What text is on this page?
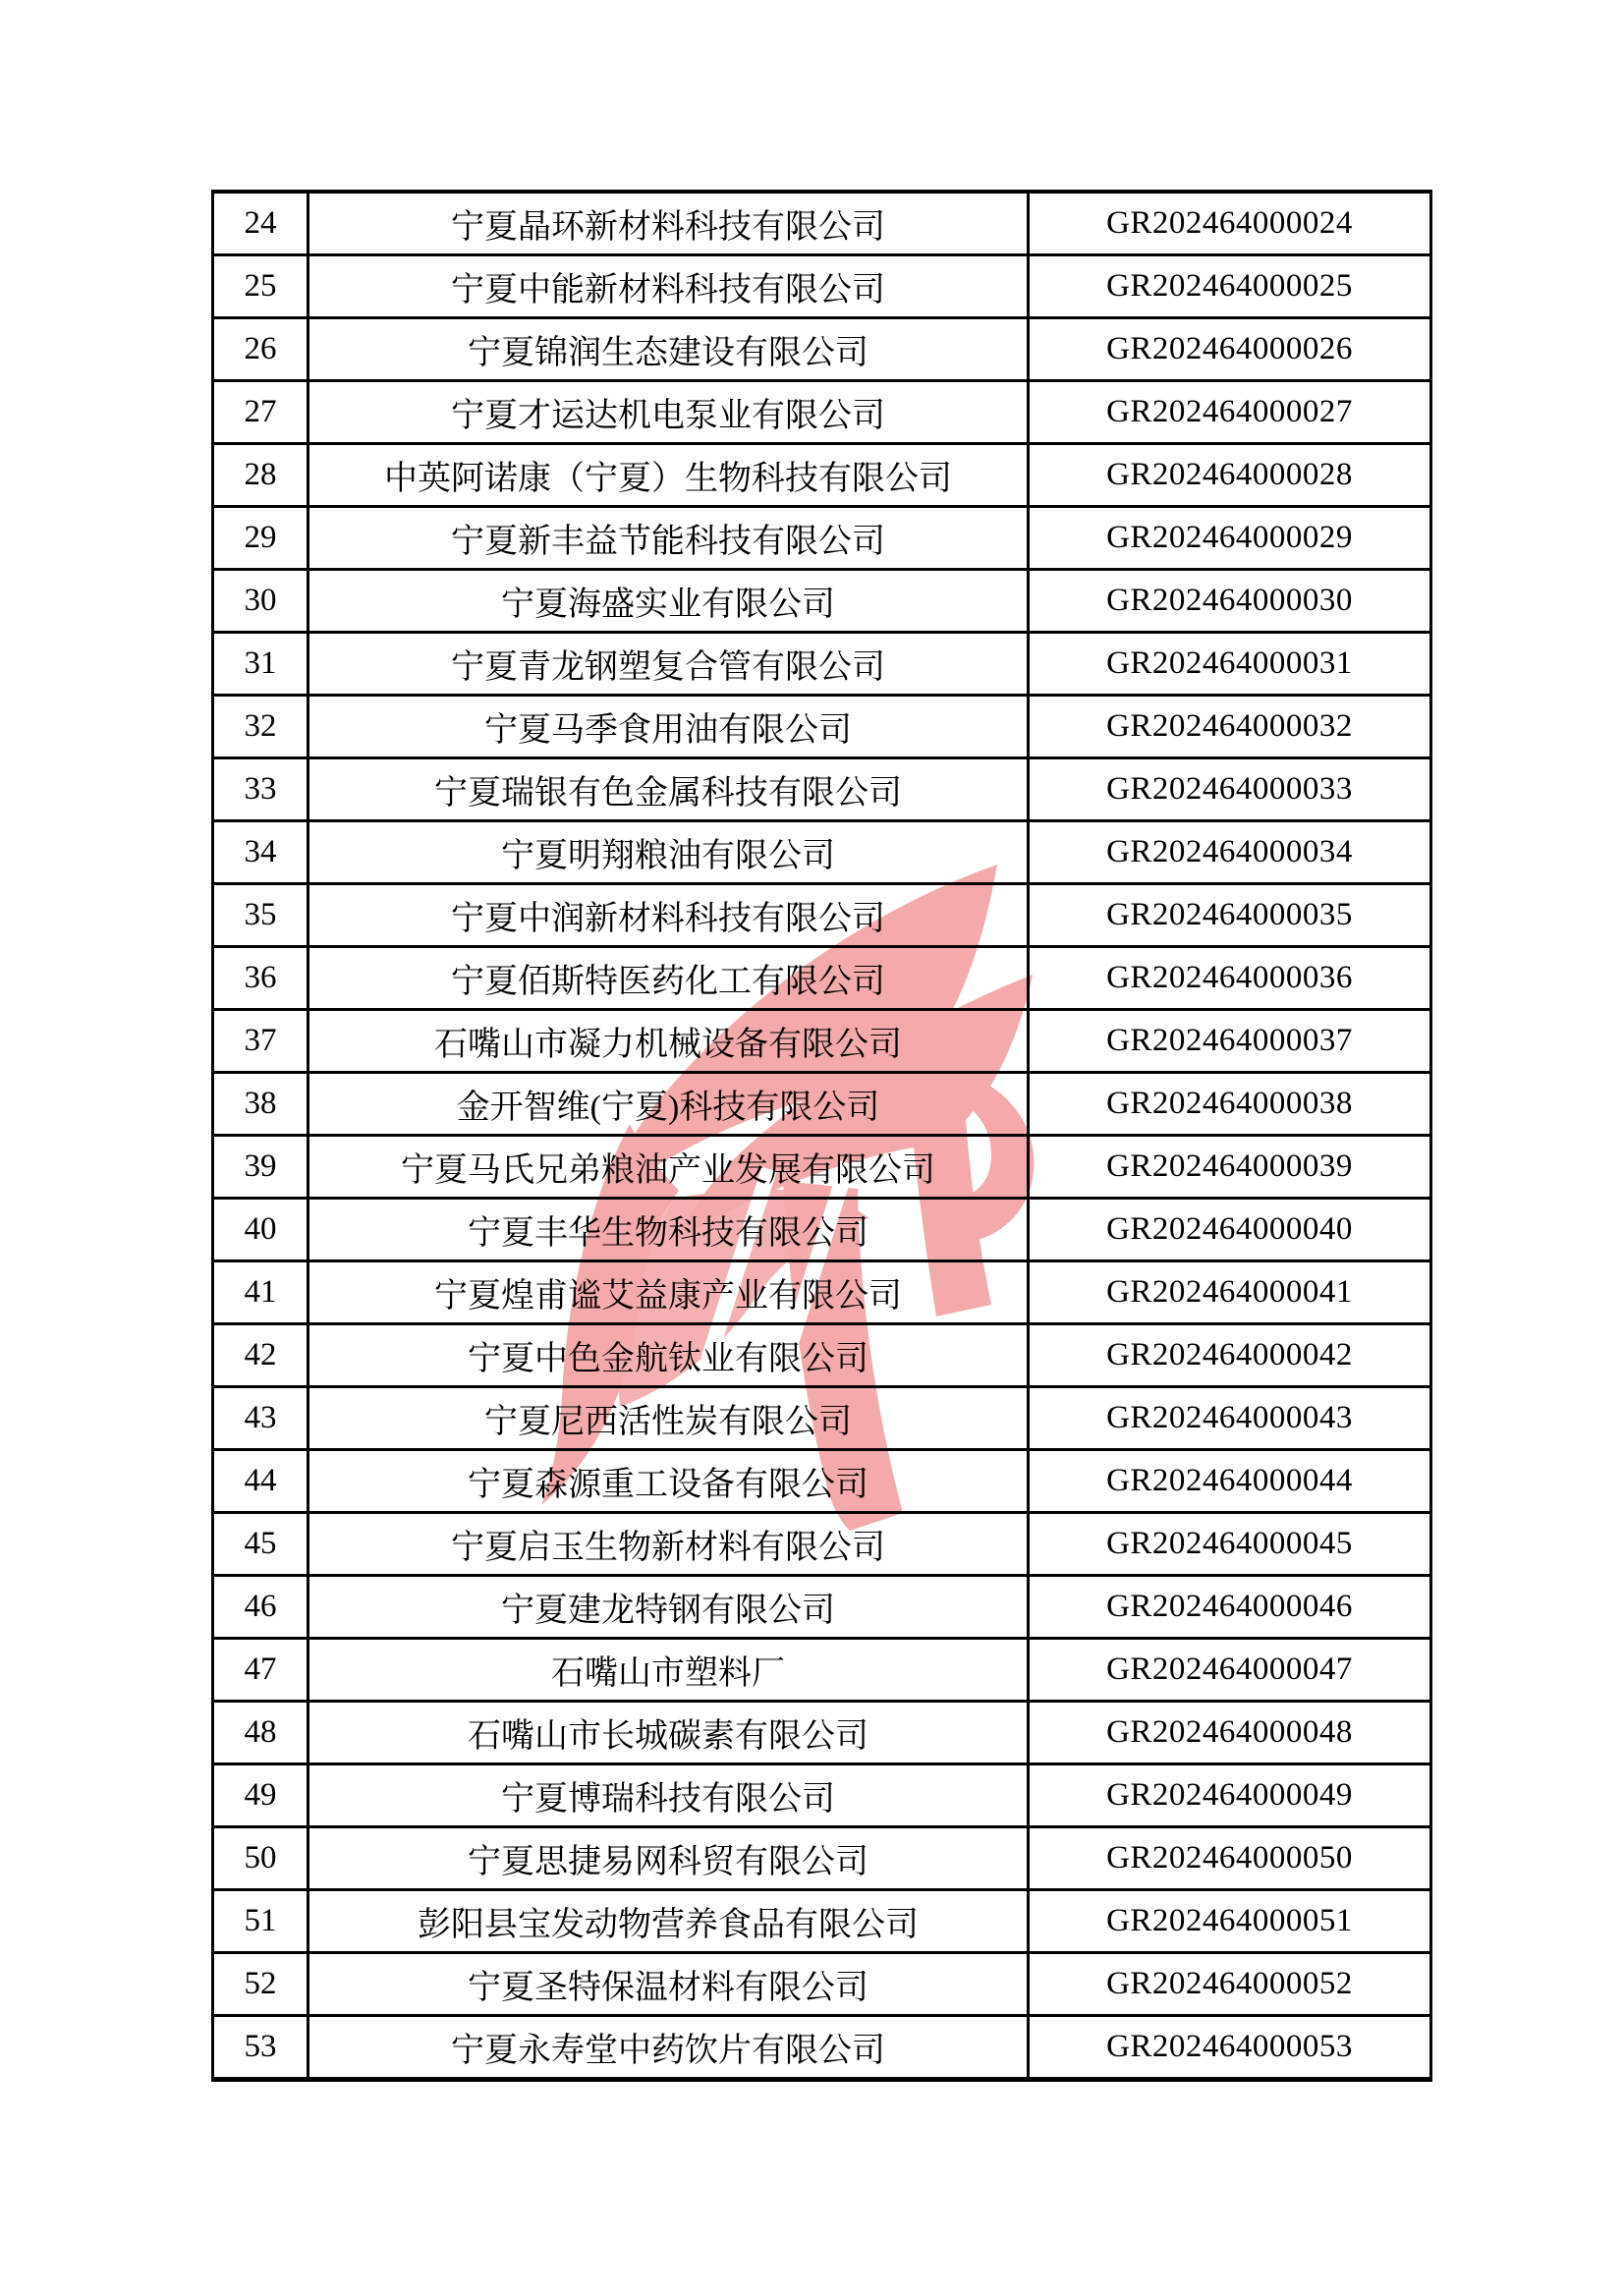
24	宁夏晶环新材料科技有限公司	GR202464000024
25	宁夏中能新材料科技有限公司	GR202464000025
26	宁夏锦润生态建设有限公司	GR202464000026
27	宁夏才运达机电泵业有限公司	GR202464000027
28	中英阿诺康（宁夏）生物科技有限公司	GR202464000028
29	宁夏新丰益节能科技有限公司	GR202464000029
30	宁夏海盛实业有限公司	GR202464000030
31	宁夏青龙钢塑复合管有限公司	GR202464000031
32	宁夏马季食用油有限公司	GR202464000032
33	宁夏瑞银有色金属科技有限公司	GR202464000033
34	宁夏明翔粮油有限公司	GR202464000034
35	宁夏中润新材料科技有限公司	GR202464000035
36	宁夏佰斯特医药化工有限公司	GR202464000036
37	石嘴山市凝力机械设备有限公司	GR202464000037
38	金开智维(宁夏)科技有限公司	GR202464000038
39	宁夏马氏兄弟粮油产业发展有限公司	GR202464000039
40	宁夏丰华生物科技有限公司	GR202464000040
41	宁夏煌甫谧艾益康产业有限公司	GR202464000041
42	宁夏中色金航钛业有限公司	GR202464000042
43	宁夏尼西活性炭有限公司	GR202464000043
44	宁夏森源重工设备有限公司	GR202464000044
45	宁夏启玉生物新材料有限公司	GR202464000045
46	宁夏建龙特钢有限公司	GR202464000046
47	石嘴山市塑料厂	GR202464000047
48	石嘴山市长城碳素有限公司	GR202464000048
49	宁夏博瑞科技有限公司	GR202464000049
50	宁夏思捷易网科贸有限公司	GR202464000050
51	彭阳县宝发动物营养食品有限公司	GR202464000051
52	宁夏圣特保温材料有限公司	GR202464000052
53	宁夏永寿堂中药饮片有限公司	GR202464000053
